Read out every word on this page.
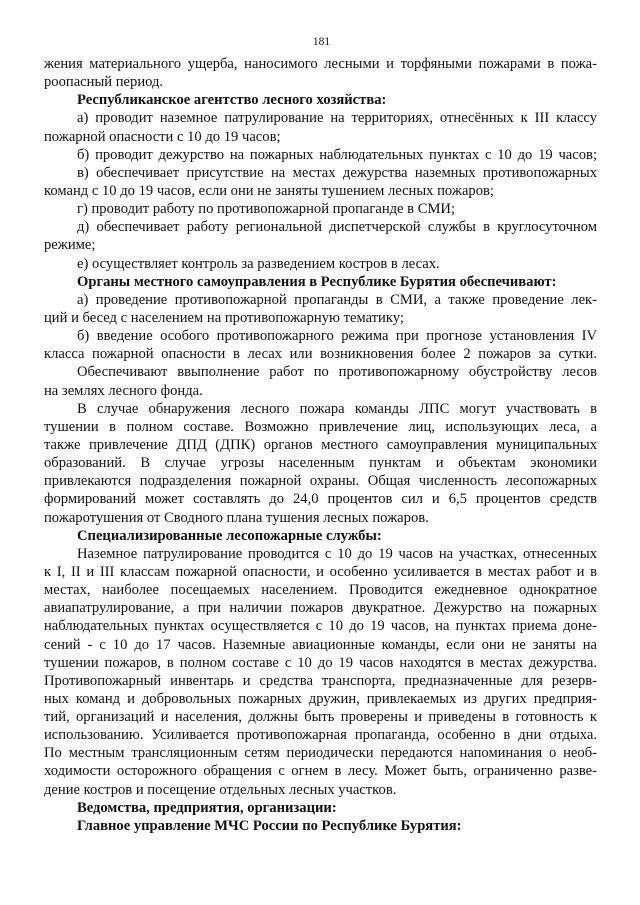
181
жения материального ущерба, наносимого лесными и торфяными пожарами в пожа-
роопасный период.
Республиканское агентство лесного хозяйства:
а) проводит наземное патрулирование на территориях, отнесённых к III классу
пожарной опасности с 10 до 19 часов;
б) проводит дежурство на пожарных наблюдательных пунктах с 10 до 19 часов;
в) обеспечивает присутствие на местах дежурства наземных противопожарных
команд с 10 до 19 часов, если они не заняты тушением лесных пожаров;
г) проводит работу по противопожарной пропаганде в СМИ;
д) обеспечивает работу региональной диспетчерской службы в круглосуточном
режиме;
е) осуществляет контроль за разведением костров в лесах.
Органы местного самоуправления в Республике Бурятия обеспечивают:
а) проведение противопожарной пропаганды в СМИ, а также проведение лек-
ций и бесед с населением на противопожарную тематику;
б) введение особого противопожарного режима при прогнозе установления IV
класса пожарной опасности в лесах или возникновения более 2 пожаров за сутки.
Обеспечивают ввыполнение работ по противопожарному обустройству лесов
на землях лесного фонда.
В случае обнаружения лесного пожара команды ЛПС могут участвовать в
тушении в полном составе. Возможно привлечение лиц, использующих леса, а
также привлечение ДПД (ДПК) органов местного самоуправления муниципальных
образований. В случае угрозы населенным пунктам и объектам экономики
привлекаются подразделения пожарной охраны. Общая численность лесопожарных
формирований может составлять до 24,0 процентов сил и 6,5 процентов средств
пожаротушения от Сводного плана тушения лесных пожаров.
Специализированные лесопожарные службы:
Наземное патрулирование проводится с 10 до 19 часов на участках, отнесенных
к I, II и III классам пожарной опасности, и особенно усиливается в местах работ и в
местах, наиболее посещаемых населением. Проводится ежедневное однократное
авиапатрулирование, а при наличии пожаров двукратное. Дежурство на пожарных
наблюдательных пунктах осуществляется с 10 до 19 часов, на пунктах приема доне-
сений - с 10 до 17 часов. Наземные авиационные команды, если они не заняты на
тушении пожаров, в полном составе с 10 до 19 часов находятся в местах дежурства.
Противопожарный инвентарь и средства транспорта, предназначенные для резерв-
ных команд и добровольных пожарных дружин, привлекаемых из других предприя-
тий, организаций и населения, должны быть проверены и приведены в готовность к
использованию. Усиливается противопожарная пропаганда, особенно в дни отдыха.
По местным трансляционным сетям периодически передаются напоминания о необ-
ходимости осторожного обращения с огнем в лесу. Может быть, ограниченно разве-
дение костров и посещение отдельных лесных участков.
Ведомства, предприятия, организации:
Главное управление МЧС России по Республике Бурятия:
